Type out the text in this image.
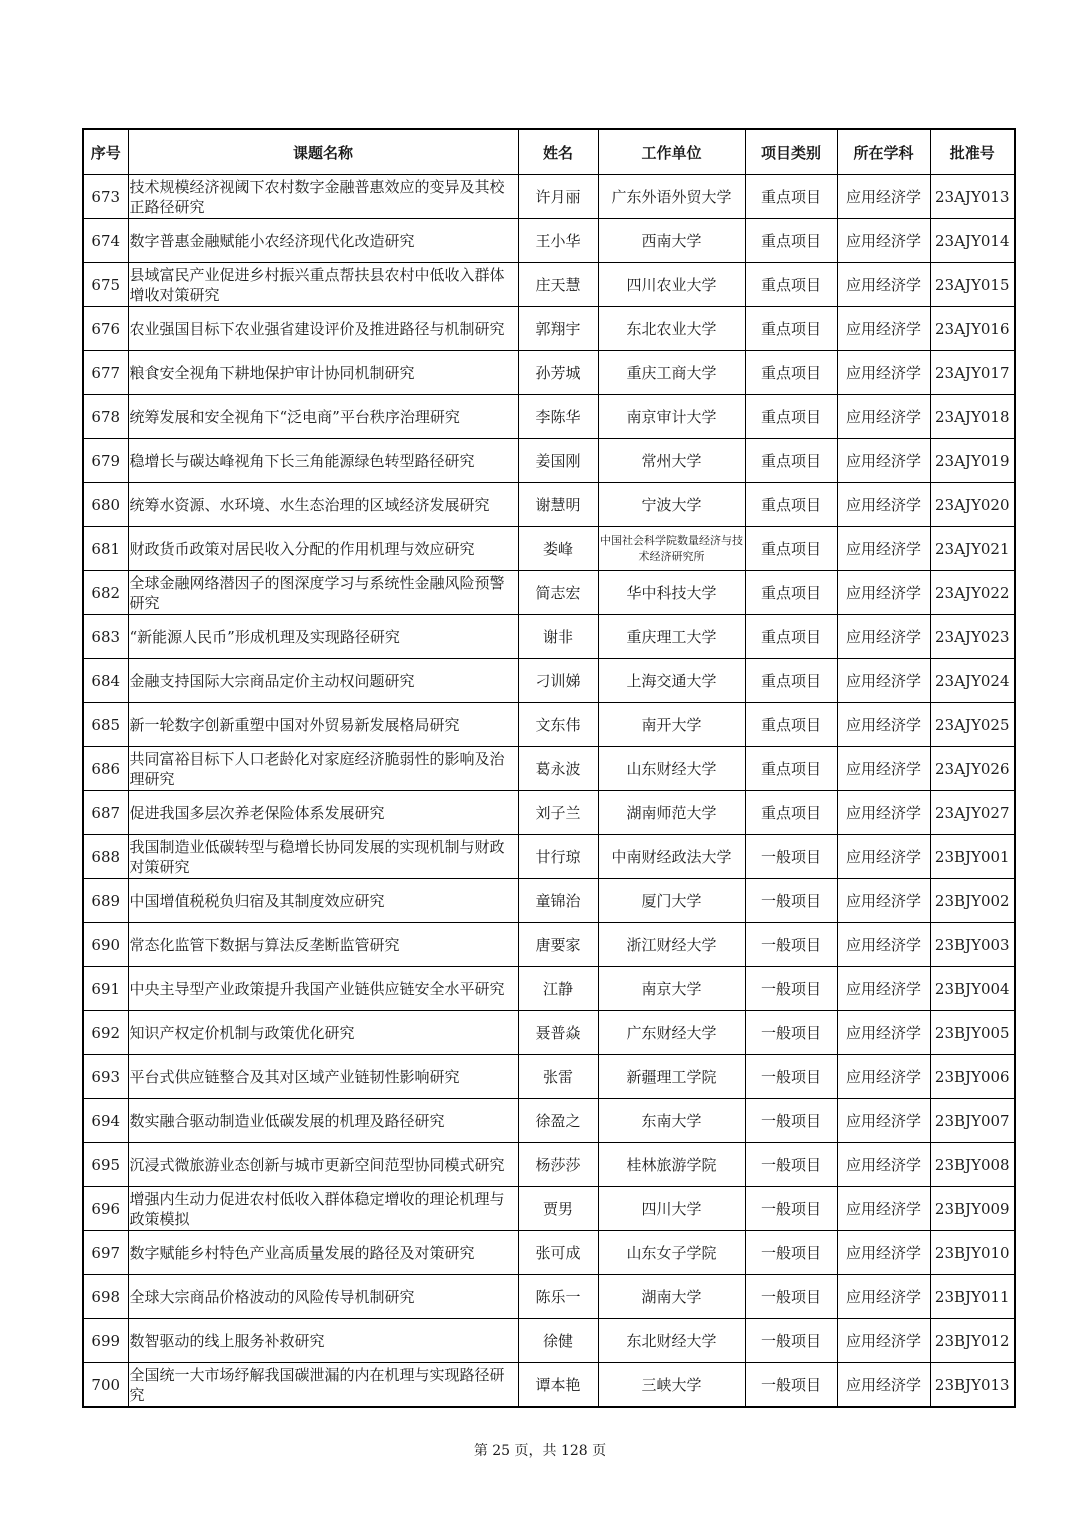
序号	课题名称	姓名	工作单位	项目类别	所在学科	批准号
673	技术规模经济视阈下农村数字金融普惠效应的变异及其校正路径研究	许月丽	广东外语外贸大学	重点项目	应用经济学	23AJY013
674	数字普惠金融赋能小农经济现代化改造研究	王小华	西南大学	重点项目	应用经济学	23AJY014
675	县域富民产业促进乡村振兴重点帮扶县农村中低收入群体增收对策研究	庄天慧	四川农业大学	重点项目	应用经济学	23AJY015
676	农业强国目标下农业强省建设评价及推进路径与机制研究	郭翔宇	东北农业大学	重点项目	应用经济学	23AJY016
677	粮食安全视角下耕地保护审计协同机制研究	孙芳城	重庆工商大学	重点项目	应用经济学	23AJY017
678	统筹发展和安全视角下“泛电商”平台秩序治理研究	李陈华	南京审计大学	重点项目	应用经济学	23AJY018
679	稳增长与碳达峰视角下长三角能源绿色转型路径研究	姜国刚	常州大学	重点项目	应用经济学	23AJY019
680	统筹水资源、水环境、水生态治理的区域经济发展研究	谢慧明	宁波大学	重点项目	应用经济学	23AJY020
681	财政货币政策对居民收入分配的作用机理与效应研究	娄峰	中国社会科学院数量经济与技术经济研究所	重点项目	应用经济学	23AJY021
682	全球金融网络潜因子的图深度学习与系统性金融风险预警研究	简志宏	华中科技大学	重点项目	应用经济学	23AJY022
683	“新能源人民币”形成机理及实现路径研究	谢非	重庆理工大学	重点项目	应用经济学	23AJY023
684	金融支持国际大宗商品定价主动权问题研究	刁训娣	上海交通大学	重点项目	应用经济学	23AJY024
685	新一轮数字创新重塑中国对外贸易新发展格局研究	文东伟	南开大学	重点项目	应用经济学	23AJY025
686	共同富裕目标下人口老龄化对家庭经济脆弱性的影响及治理研究	葛永波	山东财经大学	重点项目	应用经济学	23AJY026
687	促进我国多层次养老保险体系发展研究	刘子兰	湖南师范大学	重点项目	应用经济学	23AJY027
688	我国制造业低碳转型与稳增长协同发展的实现机制与财政对策研究	甘行琼	中南财经政法大学	一般项目	应用经济学	23BJY001
689	中国增值税税负归宿及其制度效应研究	童锦治	厦门大学	一般项目	应用经济学	23BJY002
690	常态化监管下数据与算法反垄断监管研究	唐要家	浙江财经大学	一般项目	应用经济学	23BJY003
691	中央主导型产业政策提升我国产业链供应链安全水平研究	江静	南京大学	一般项目	应用经济学	23BJY004
692	知识产权定价机制与政策优化研究	聂普焱	广东财经大学	一般项目	应用经济学	23BJY005
693	平台式供应链整合及其对区域产业链韧性影响研究	张雷	新疆理工学院	一般项目	应用经济学	23BJY006
694	数实融合驱动制造业低碳发展的机理及路径研究	徐盈之	东南大学	一般项目	应用经济学	23BJY007
695	沉浸式微旅游业态创新与城市更新空间范型协同模式研究	杨莎莎	桂林旅游学院	一般项目	应用经济学	23BJY008
696	增强内生动力促进农村低收入群体稳定增收的理论机理与政策模拟	贾男	四川大学	一般项目	应用经济学	23BJY009
697	数字赋能乡村特色产业高质量发展的路径及对策研究	张可成	山东女子学院	一般项目	应用经济学	23BJY010
698	全球大宗商品价格波动的风险传导机制研究	陈乐一	湖南大学	一般项目	应用经济学	23BJY011
699	数智驱动的线上服务补救研究	徐健	东北财经大学	一般项目	应用经济学	23BJY012
700	全国统一大市场纾解我国碳泄漏的内在机理与实现路径研究	谭本艳	三峡大学	一般项目	应用经济学	23BJY013
第 25 页，共 128 页
